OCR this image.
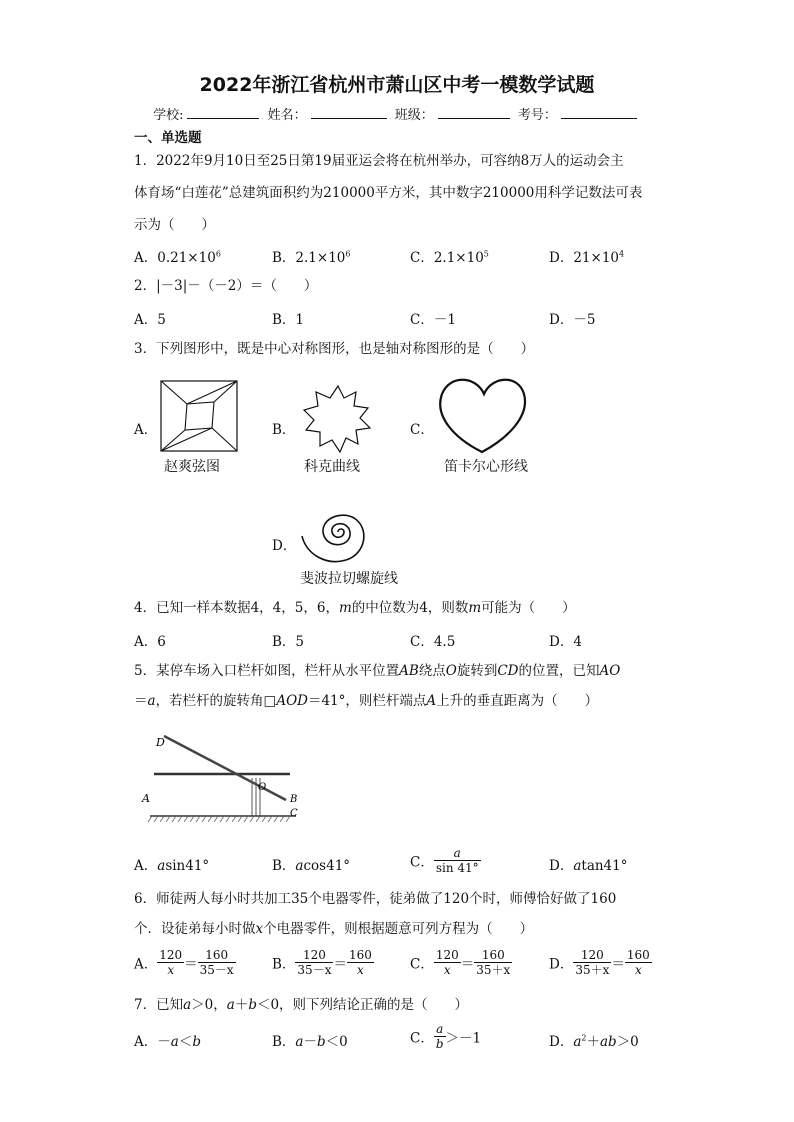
2022年浙江省杭州市萧山区中考一模数学试题
学校:	姓名：	班级：	考号：
一、单选题
1．2022年9月10日至25日第19届亚运会将在杭州举办，可容纳8万人的运动会主
体育场“白莲花”总建筑面积约为210000平方米，其中数字210000用科学记数法可表
示为（　　）
A．$0.21\times 10^6$	B．$2.1\times 10^6$	C．$2.1\times 10^5$	D．$21\times 10^4$
2．|－3|－（－2）＝（　　）
A．5	B．1	C．－1	D．－5
3．下列图形中，既是中心对称图形，也是轴对称图形的是（　　）
A．	B．	C．
D．
赵爽弦图	科克曲线	笛卡尔心形线
斐波拉切螺旋线
4．已知一样本数据4，4，5，6，m的中位数为4，则数m可能为（　　）
A．6	B．5	C．4.5	D．4
5．某停车场入口栏杆如图，栏杆从水平位置AB绕点O旋转到CD的位置，已知AO
＝a，若栏杆的旋转角□AOD＝41°，则栏杆端点A上升的垂直距离为（　　）
D
A
O
B
C
A．asin41°	B．acos41°	C． $\frac{a}{\sin 41^\circ}$	D．atan41°
6．师徒两人每小时共加工35个电器零件，徒弟做了120个时，师傅恰好做了160
个．设徒弟每小时做x个电器零件，则根据题意可列方程为（　　）
A． $\frac{120}{x} = \frac{160}{35-x}$	B． $\frac{120}{35-x} = \frac{160}{x}$	C． $\frac{120}{x} = \frac{160}{35+x}$	D． $\frac{120}{35+x} = \frac{160}{x}$
7．已知a＞0，a＋b＜0，则下列结论正确的是（　　）
A．－a＜b	B．a－b＜0	C． $\frac{a}{b} >-1$	D．$a^2+ab>0$
